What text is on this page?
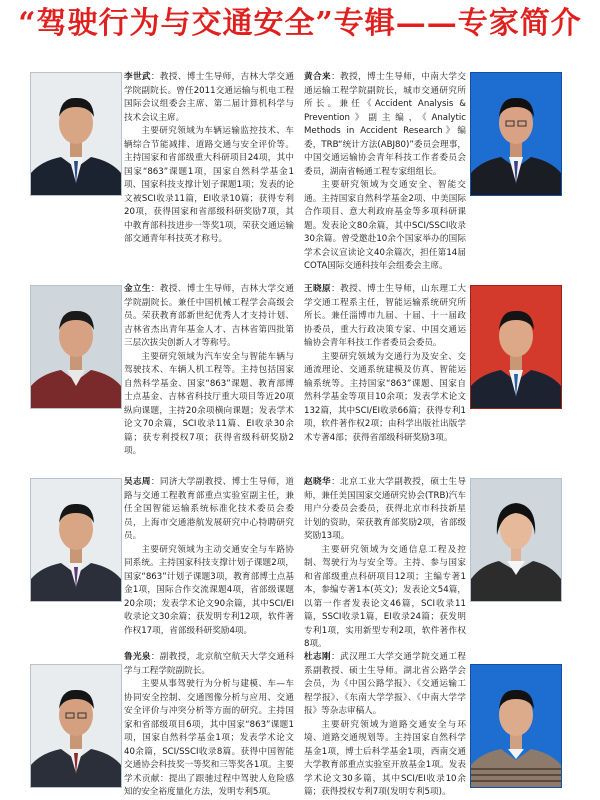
“驾驶行为与交通安全”专辑——专家简介
李世武：教授、博士生导师，吉林大学交通学院副院长。曾任2011交通运输与机电工程国际会议组委会主席、第二届计算机科学与技术会议主席。
主要研究领域为车辆运输监控技术、车辆综合节能减排、道路交通与安全评价等。主持国家和省部级重大科研项目24项，其中国家“863”课题1项，国家自然科学基金1项、国家科技支撑计划子课题1项；发表的论文被SCI收录11篇，EI收录10篇；获得专利20项，获得国家和省部级科研奖励7项，其中教育部科技进步一等奖1项，荣获交通运输部交通青年科技英才称号。
黄合来：教授，博士生导师，中南大学交通运输工程学院副院长，城市交通研究所所长。兼任《Accident Analysis & Prevention》副主编，《Analytic Methods in Accident Research》编委，TRB“统计方法(ABJ80)”委员会理事，中国交通运输协会青年科技工作者委员会委员，湖南省畅通工程专家组组长。
主要研究领域为交通安全、智能交通。主持国家自然科学基金2项、中美国际合作项目、意大利政府基金等多项科研课题。发表论文80余篇，其中SCI/SSCI收录30余篇。曾受邀赴10余个国家举办的国际学术会议宣读论文40余篇次，担任第14届COTA国际交通科技年会组委会主席。
金立生：教授、博士生导师，吉林大学交通学院副院长。兼任中国机械工程学会高级会员。荣获教育部新世纪优秀人才支持计划、吉林省杰出青年基金人才、吉林省第四批第三层次拔尖创新人才等称号。
主要研究领域为汽车安全与智能车辆与驾驶技术、车辆人机工程等。主持包括国家自然科学基金、国家“863”课题、教育部博士点基金、吉林省科技厅重大项目等近20项纵向课题，主持20余项横向课题；发表学术论文70余篇，SCI收录11篇、EI收录30余篇；获专利授权7项；获得省级科研奖励2项。
王晓原：教授、博士生导师，山东理工大学交通工程系主任，智能运输系统研究所所长。兼任淄博市九届、十届、十一届政协委员，重大行政决策专家、中国交通运输协会青年科技工作者委员会委员。
主要研究领域为交通行为及安全、交通流理论、交通系统建模及仿真、智能运输系统等。主持国家“863”课题、国家自然科学基金等项目10余项；发表学术论文132篇，其中SCI/EI收录66篇；获得专利1项，软件著作权2项；由科学出版社出版学术专著4部；获得省部级科研奖励3项。
吴志周：同济大学副教授、博士生导师，道路与交通工程教育部重点实验室副主任，兼任全国智能运输系统标准化技术委员会委员，上海市交通港航发展研究中心特聘研究员。
主要研究领域为主动交通安全与车路协同系统。主持国家科技支撑计划子课题2项，国家“863”计划子课题3项，教育部博士点基金1项，国际合作交流课题4项，省部级课题20余项；发表学术论文90余篇，其中SCI/EI收录论文30余篇；获发明专利12项，软件著作权17项，省部级科研奖励4项。
赵晓华：北京工业大学副教授，硕士生导师，兼任美国国家交通研究协会(TRB)汽车用户分委员会委员，获得北京市科技新星计划的资助，荣获教育部奖励2项，省部级奖励13项。
主要研究领域为交通信息工程及控制、驾驶行为与安全等。主持、参与国家和省部级重点科研项目12项；主编专著1本，参编专著1本(英文)；发表论文54篇，以第一作者发表论文46篇，SCI收录11篇，SSCI收录1篇，EI收录24篇；获发明专利1项，实用新型专利2项，软件著作权8项。
鲁光泉：副教授，北京航空航天大学交通科学与工程学院副院长。
主要从事驾驶行为分析与建模、车—车协同安全控制、交通图像分析与应用、交通安全评价与冲突分析等方面的研究。主持国家和省部级项目6项，其中国家“863”课题1项，国家自然科学基金1项；发表学术论文40余篇，SCI/SSCI收录8篇。获得中国智能交通协会科技奖一等奖和三等奖各1项。主要学术贡献：提出了跟驰过程中驾驶人危险感知的安全裕度量化方法，发明专利5项。
杜志刚：武汉理工大学交通学院交通工程系副教授、硕士生导师。湖北省公路学会会员，为《中国公路学报》、《交通运输工程学报》、《东南大学学报》、《中南大学学报》等杂志审稿人。
主要研究领域为道路交通安全与环境、道路交通规划等。主持国家自然科学基金1项，博士后科学基金1项，西南交通大学教育部重点实验室开放基金1项。发表学术论文30多篇，其中SCI/EI收录10余篇；获得授权专利7项(发明专利5项)。
